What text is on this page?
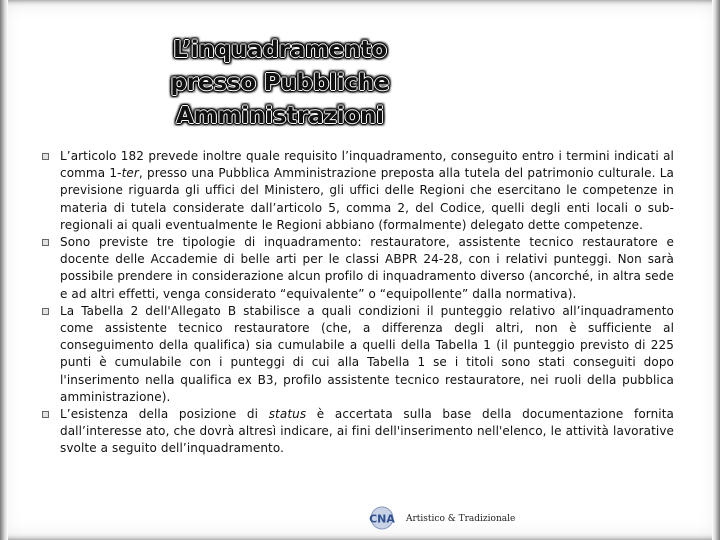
L’inquadramento
presso Pubbliche
Amministrazioni
L’articolo 182 prevede inoltre quale requisito l’inquadramento, conseguito entro i termini indicati al comma 1-ter, presso una Pubblica Amministrazione preposta alla tutela del patrimonio culturale. La previsione riguarda gli uffici del Ministero, gli uffici delle Regioni che esercitano le competenze in materia di tutela considerate dall’articolo 5, comma 2, del Codice, quelli degli enti locali o sub-regionali ai quali eventualmente le Regioni abbiano (formalmente) delegato dette competenze.
Sono previste tre tipologie di inquadramento: restauratore, assistente tecnico restauratore e docente delle Accademie di belle arti per le classi ABPR 24-28, con i relativi punteggi. Non sarà possibile prendere in considerazione alcun profilo di inquadramento diverso (ancorché, in altra sede e ad altri effetti, venga considerato “equivalente” o “equipollente” dalla normativa).
La Tabella 2 dell'Allegato B stabilisce a quali condizioni il punteggio relativo all’inquadramento come assistente tecnico restauratore (che, a differenza degli altri, non è sufficiente al conseguimento della qualifica) sia cumulabile a quelli della Tabella 1 (il punteggio previsto di 225 punti è cumulabile con i punteggi di cui alla Tabella 1 se i titoli sono stati conseguiti dopo l'inserimento nella qualifica ex B3, profilo assistente tecnico restauratore, nei ruoli della pubblica amministrazione).
L’esistenza della posizione di status è accertata sulla base della documentazione fornita dall’interesse ato, che dovrà altresì indicare, ai fini dell'inserimento nell'elenco, le attività lavorative svolte a seguito dell’inquadramento.
CNA Artistico & Tradizionale
